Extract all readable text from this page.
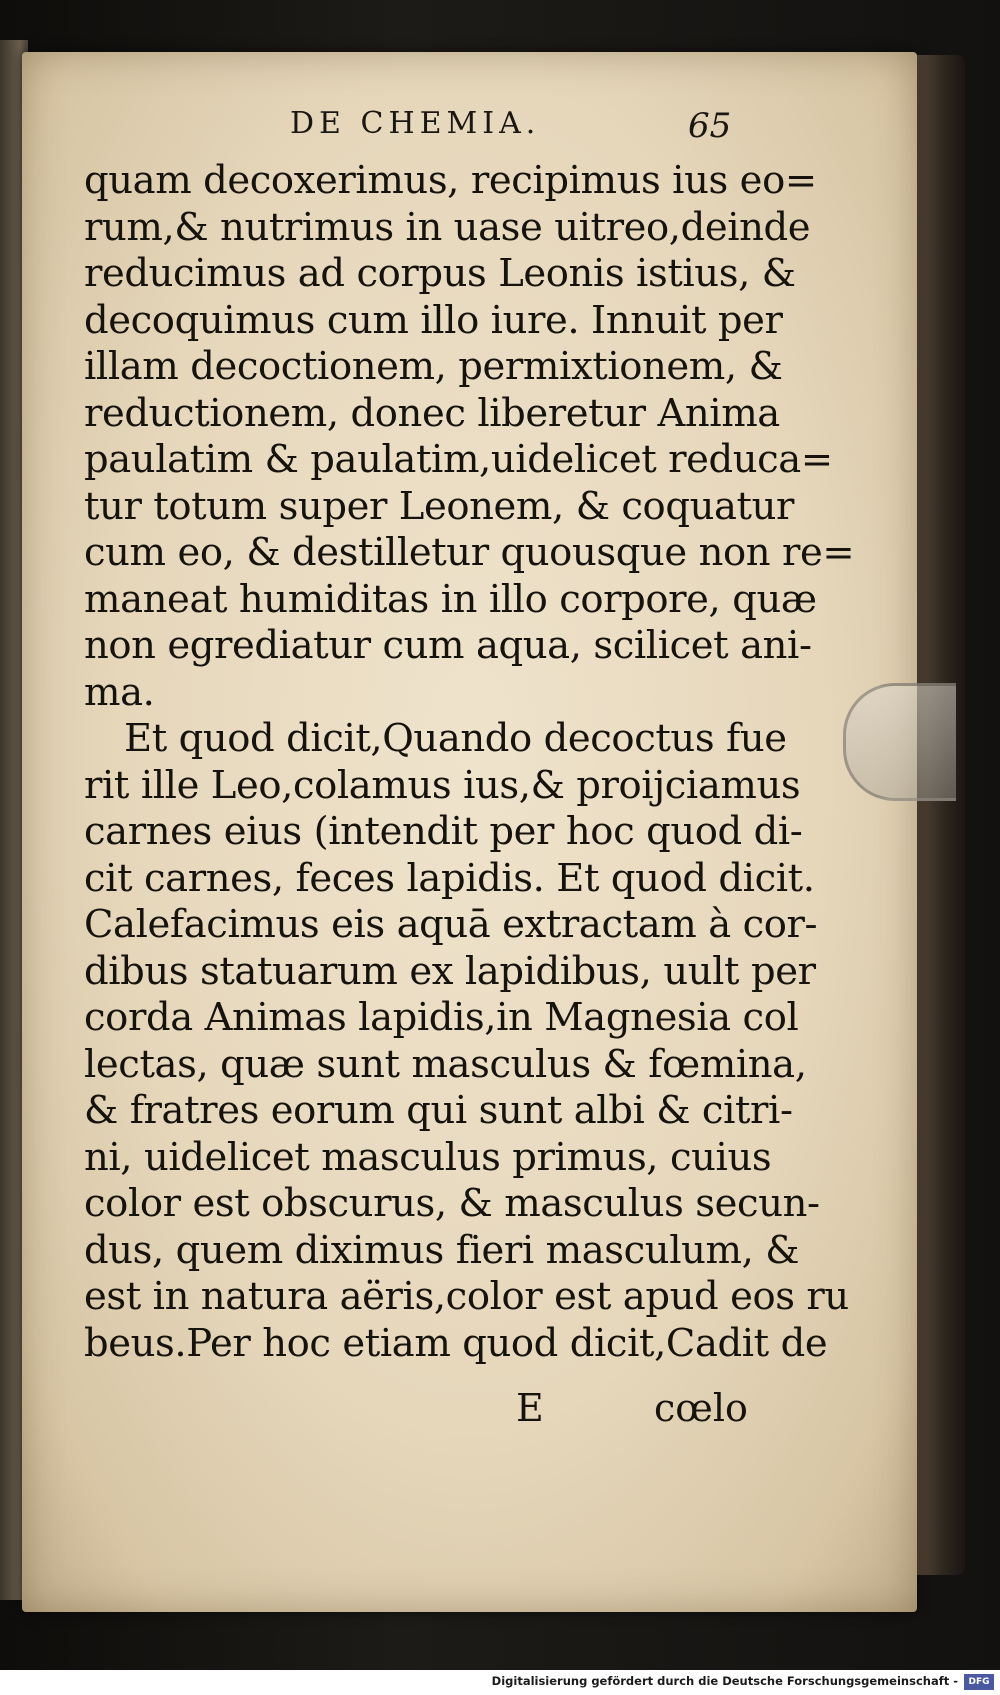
DE CHEMIA.	65
quam decoxerimus, recipimus ius eo=
rum,& nutrimus in uase uitreo,deinde
reducimus ad corpus Leonis istius, &
decoquimus cum illo iure. Innuit per
illam decoctionem, permixtionem, &
reductionem, donec liberetur Anima
paulatim & paulatim,uidelicet reduca=
tur totum super Leonem, & coquatur
cum eo, & destilletur quousque non re=
maneat humiditas in illo corpore, quæ
non egrediatur cum aqua, scilicet ani-
ma.
Et quod dicit,Quando decoctus fue
rit ille Leo,colamus ius,& proijciamus
carnes eius (intendit per hoc quod di-
cit carnes, feces lapidis. Et quod dicit.
Calefacimus eis aquā extractam à cor-
dibus statuarum ex lapidibus, uult per
corda Animas lapidis,in Magnesia col
lectas, quæ sunt masculus & fœmina,
& fratres eorum qui sunt albi & citri-
ni, uidelicet masculus primus, cuius
color est obscurus, & masculus secun-
dus, quem diximus fieri masculum, &
est in natura aëris,color est apud eos ru
beus.Per hoc etiam quod dicit,Cadit de
E	cœlo
Digitalisierung gefördert durch die Deutsche Forschungsgemeinschaft -	DFG
